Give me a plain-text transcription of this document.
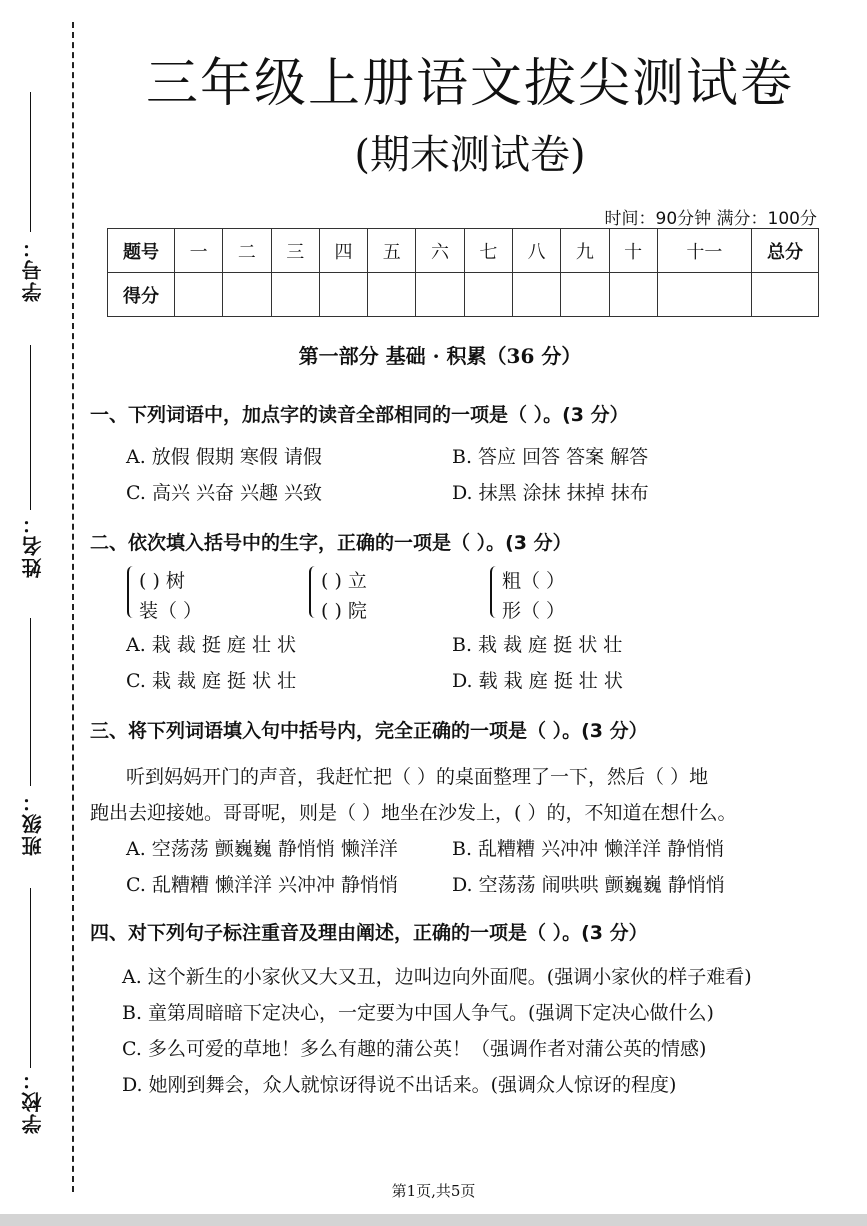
学号：
姓名：
班级：
学校：
三年级上册语文拔尖测试卷
(期末测试卷)
时间：90分钟 满分：100分
题号	一	二	三	四	五	六	七	八	九	十	十一	总分
得分												
第一部分 基础 · 积累（36 分）
一、下列词语中，加点字的读音全部相同的一项是（ ）。(3 分）
A. 放假 假期 寒假 请假	B. 答应 回答 答案 解答
C. 高兴 兴奋 兴趣 兴致	D. 抹黑 涂抹 抹掉 抹布
二、依次填入括号中的生字，正确的一项是（ ）。(3 分）
( ) 树
装（ ）
( ) 立
( ) 院
粗（ ）
形（ ）
A. 栽 裁 挺 庭 壮 状	B. 栽 裁 庭 挺 状 壮
C. 栽 裁 庭 挺 状 壮	D. 载 栽 庭 挺 壮 状
三、将下列词语填入句中括号内，完全正确的一项是（ ）。(3 分）
听到妈妈开门的声音，我赶忙把（ ）的桌面整理了一下，然后（ ）地
跑出去迎接她。哥哥呢，则是（ ）地坐在沙发上，( ）的，不知道在想什么。
A. 空荡荡 颤巍巍 静悄悄 懒洋洋	B. 乱糟糟 兴冲冲 懒洋洋 静悄悄
C. 乱糟糟 懒洋洋 兴冲冲 静悄悄	D. 空荡荡 闹哄哄 颤巍巍 静悄悄
四、对下列句子标注重音及理由阐述，正确的一项是（ ）。(3 分）
A. 这个新生的小家伙又大又丑，边叫边向外面爬。(强调小家伙的样子难看)
B. 童第周暗暗下定决心，一定要为中国人争气。(强调下定决心做什么)
C. 多么可爱的草地！多么有趣的蒲公英！（强调作者对蒲公英的情感)
D. 她刚到舞会，众人就惊讶得说不出话来。(强调众人惊讶的程度)
第1页,共5页
